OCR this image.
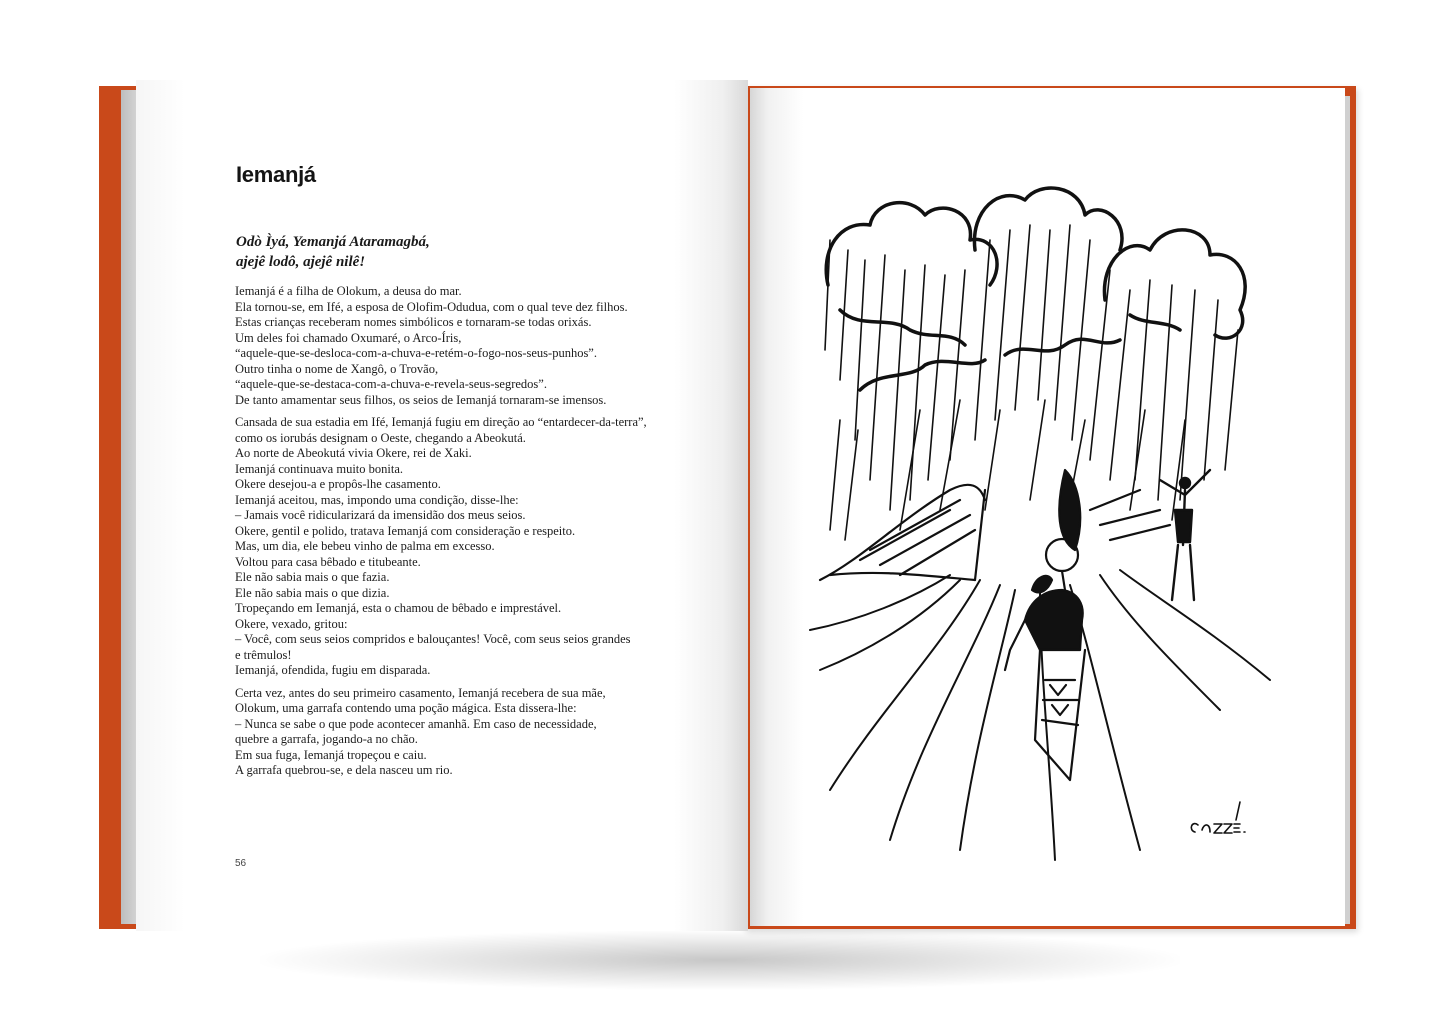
Iemanjá

Odò Ìyá, Yemanjá Ataramagbá,
ajejê lodô, ajejê nilê!

Iemanjá é a filha de Olokum, a deusa do mar.
Ela tornou-se, em Ifé, a esposa de Olofim-Odudua, com o qual teve dez filhos.
Estas crianças receberam nomes simbólicos e tornaram-se todas orixás.
Um deles foi chamado Oxumaré, o Arco-Íris,
“aquele-que-se-desloca-com-a-chuva-e-retém-o-fogo-nos-seus-punhos”.
Outro tinha o nome de Xangô, o Trovão,
“aquele-que-se-destaca-com-a-chuva-e-revela-seus-segredos”.
De tanto amamentar seus filhos, os seios de Iemanjá tornaram-se imensos.

Cansada de sua estadia em Ifé, Iemanjá fugiu em direção ao “entardecer-da-terra”,
como os iorubás designam o Oeste, chegando a Abeokutá.
Ao norte de Abeokutá vivia Okere, rei de Xaki.
Iemanjá continuava muito bonita.
Okere desejou-a e propôs-lhe casamento.
Iemanjá aceitou, mas, impondo uma condição, disse-lhe:
– Jamais você ridicularizará da imensidão dos meus seios.
Okere, gentil e polido, tratava Iemanjá com consideração e respeito.
Mas, um dia, ele bebeu vinho de palma em excesso.
Voltou para casa bêbado e titubeante.
Ele não sabia mais o que fazia.
Ele não sabia mais o que dizia.
Tropeçando em Iemanjá, esta o chamou de bêbado e imprestável.
Okere, vexado, gritou:
– Você, com seus seios compridos e balouçantes! Você, com seus seios grandes
e trêmulos!
Iemanjá, ofendida, fugiu em disparada.

Certa vez, antes do seu primeiro casamento, Iemanjá recebera de sua mãe,
Olokum, uma garrafa contendo uma poção mágica. Esta dissera-lhe:
– Nunca se sabe o que pode acontecer amanhã. Em caso de necessidade,
quebre a garrafa, jogando-a no chão.
Em sua fuga, Iemanjá tropeçou e caiu.
A garrafa quebrou-se, e dela nasceu um rio.

56
